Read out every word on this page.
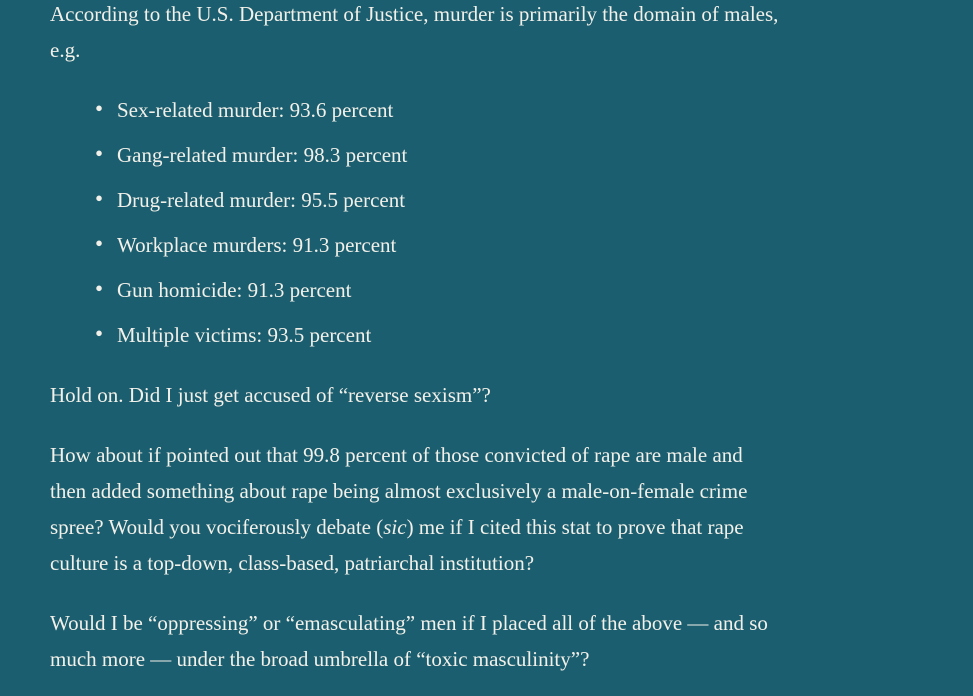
According to the U.S. Department of Justice, murder is primarily the domain of males,
e.g.

• Sex-related murder: 93.6 percent
• Gang-related murder: 98.3 percent
• Drug-related murder: 95.5 percent
• Workplace murders: 91.3 percent
• Gun homicide: 91.3 percent
• Multiple victims: 93.5 percent

Hold on. Did I just get accused of “reverse sexism”?

How about if pointed out that 99.8 percent of those convicted of rape are male and
then added something about rape being almost exclusively a male-on-female crime
spree? Would you vociferously debate (sic) me if I cited this stat to prove that rape
culture is a top-down, class-based, patriarchal institution?

Would I be “oppressing” or “emasculating” men if I placed all of the above — and so
much more — under the broad umbrella of “toxic masculinity”?
